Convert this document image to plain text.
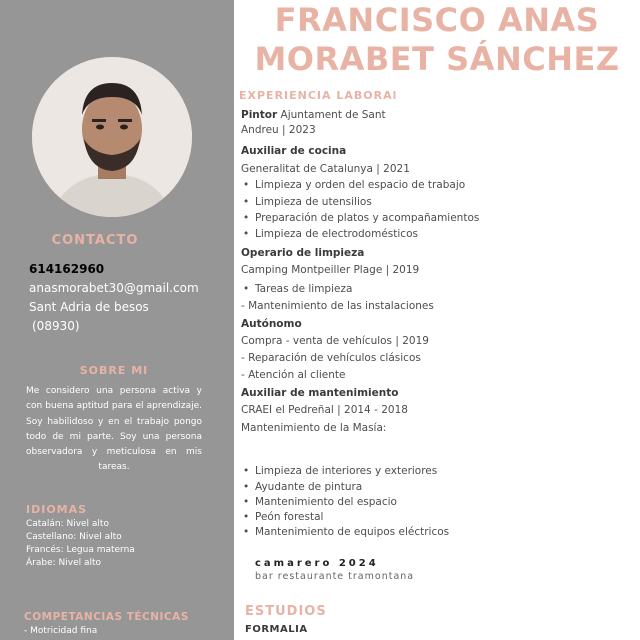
CONTACTO
614162960
anasmorabet30@gmail.com
Sant Adria de besos
(08930)
SOBRE MI
Me considero una persona activa y con buena aptitud para el aprendizaje. Soy habilidoso y en el trabajo pongo todo de mi parte. Soy una persona observadora y meticulosa en mis tareas.
IDIOMAS
Catalán: Nivel alto
Castellano: Nivel alto
Francés: Legua materna
Árabe: Nivel alto
COMPETANCIAS TÉCNICAS
- Motricidad fina
FRANCISCO ANAS
MORABET SÁNCHEZ
EXPERIENCIA LABORAl
Pintor Ajuntament de Sant
Andreu | 2023
Auxiliar de cocina
Generalitat de Catalunya | 2021
• Limpieza y orden del espacio de trabajo
• Limpieza de utensilios
• Preparación de platos y acompañamientos
• Limpieza de electrodomésticos
Operario de limpieza
Camping Montpeiller Plage | 2019
• Tareas de limpieza
- Mantenimiento de las instalaciones
Autónomo
Compra - venta de vehículos | 2019
- Reparación de vehículos clásicos
- Atención al cliente
Auxiliar de mantenimiento
CRAEI el Pedreñal | 2014 - 2018
Mantenimiento de la Masía:
• Limpieza de interiores y exteriores
• Ayudante de pintura
• Mantenimiento del espacio
• Peón forestal
• Mantenimiento de equipos eléctricos
camarero 2024
bar restaurante tramontana
ESTUDIOS
FORMALIA
